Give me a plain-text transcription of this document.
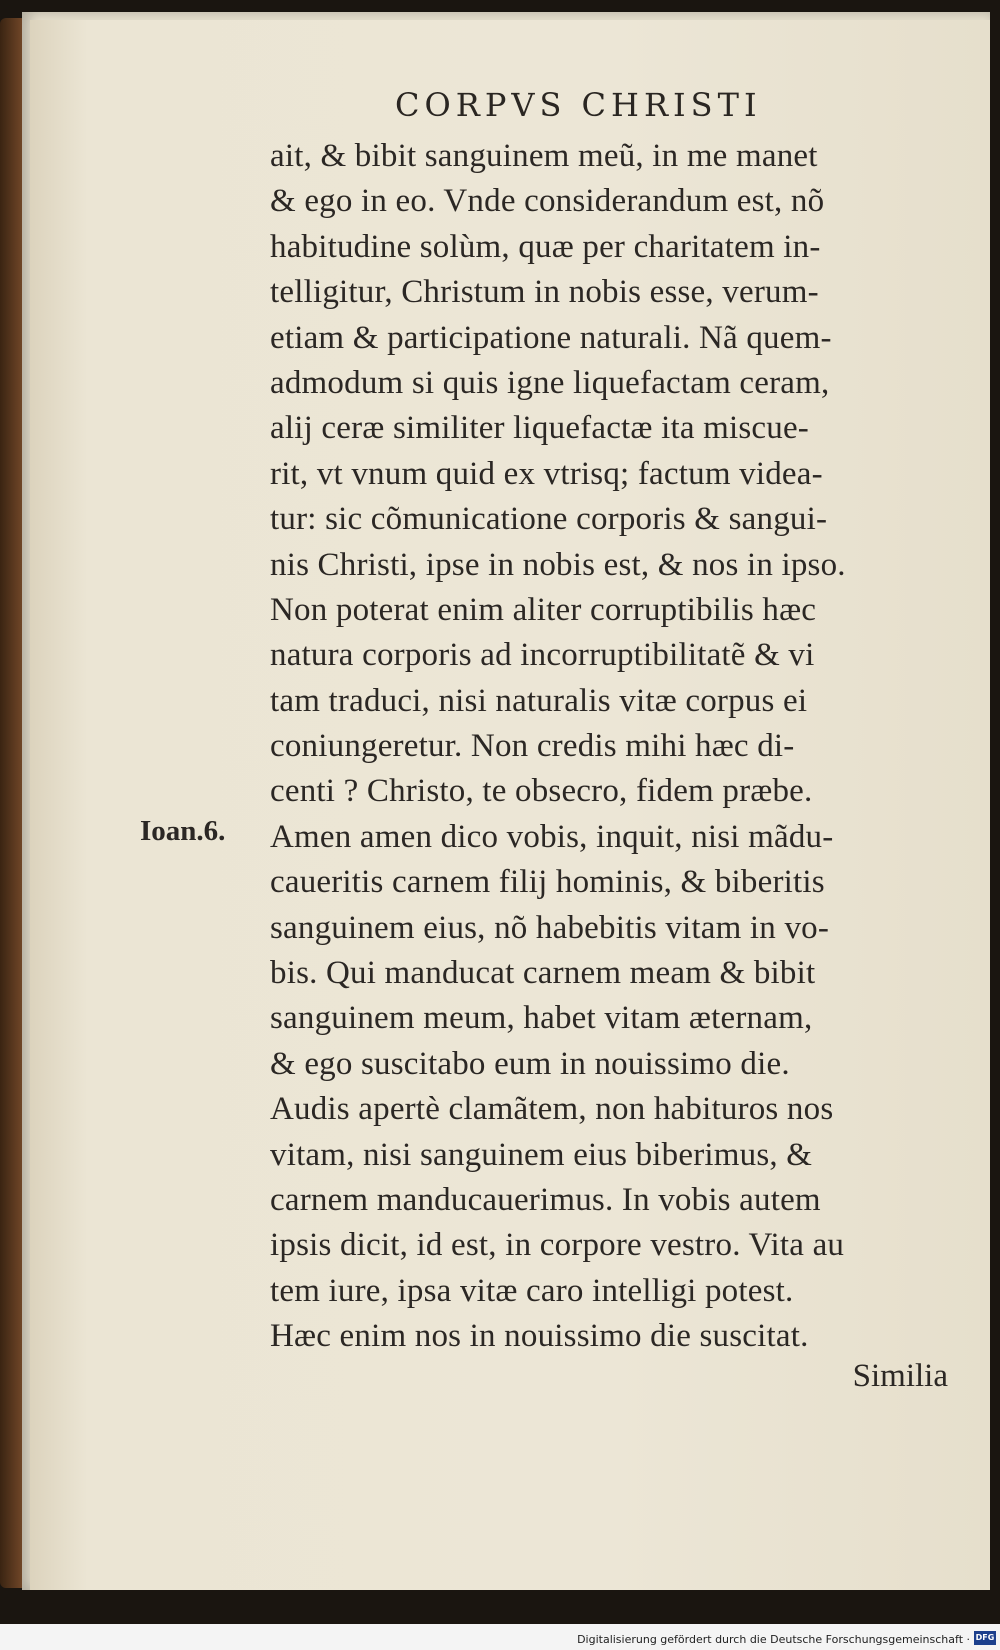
CORPVS CHRISTI
Ioan.6.
ait, & bibit sanguinem meũ, in me manet
& ego in eo. Vnde considerandum est, nõ
habitudine solùm, quæ per charitatem in-
telligitur, Christum in nobis esse, verum-
etiam & participatione naturali. Nã quem-
admodum si quis igne liquefactam ceram,
alij ceræ similiter liquefactæ ita miscue-
rit, vt vnum quid ex vtrisq; factum videa-
tur: sic cõmunicatione corporis & sangui-
nis Christi, ipse in nobis est, & nos in ipso.
Non poterat enim aliter corruptibilis hæc
natura corporis ad incorruptibilitatẽ & vi
tam traduci, nisi naturalis vitæ corpus ei
coniungeretur. Non credis mihi hæc di-
centi ? Christo, te obsecro, fidem præbe.
Amen amen dico vobis, inquit, nisi mãdu-
caueritis carnem filij hominis, & biberitis
sanguinem eius, nõ habebitis vitam in vo-
bis. Qui manducat carnem meam & bibit
sanguinem meum, habet vitam æternam,
& ego suscitabo eum in nouissimo die.
Audis apertè clamãtem, non habituros nos
vitam, nisi sanguinem eius biberimus, &
carnem manducauerimus. In vobis autem
ipsis dicit, id est, in corpore vestro. Vita au
tem iure, ipsa vitæ caro intelligi potest.
Hæc enim nos in nouissimo die suscitat.
Similia
Digitalisierung gefördert durch die Deutsche Forschungsgemeinschaft · DFG
